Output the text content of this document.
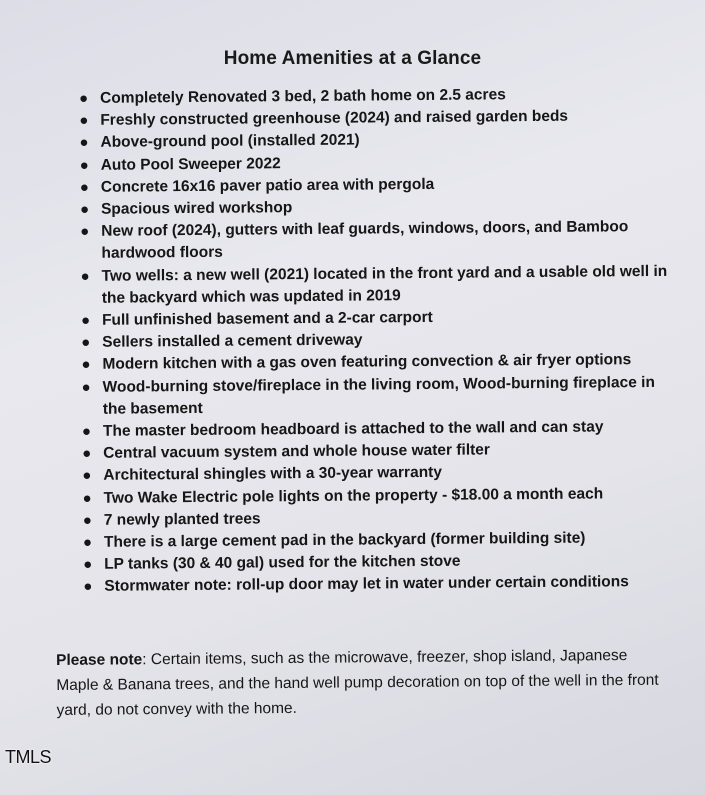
Home Amenities at a Glance
● Completely Renovated 3 bed, 2 bath home on 2.5 acres
● Freshly constructed greenhouse (2024) and raised garden beds
● Above-ground pool (installed 2021)
● Auto Pool Sweeper 2022
● Concrete 16x16 paver patio area with pergola
● Spacious wired workshop
● New roof (2024), gutters with leaf guards, windows, doors, and Bamboo hardwood floors
● Two wells: a new well (2021) located in the front yard and a usable old well in the backyard which was updated in 2019
● Full unfinished basement and a 2-car carport
● Sellers installed a cement driveway
● Modern kitchen with a gas oven featuring convection & air fryer options
● Wood-burning stove/fireplace in the living room, Wood-burning fireplace in the basement
● The master bedroom headboard is attached to the wall and can stay
● Central vacuum system and whole house water filter
● Architectural shingles with a 30-year warranty
● Two Wake Electric pole lights on the property - $18.00 a month each
● 7 newly planted trees
● There is a large cement pad in the backyard (former building site)
● LP tanks (30 & 40 gal) used for the kitchen stove
● Stormwater note: roll-up door may let in water under certain conditions

Please note: Certain items, such as the microwave, freezer, shop island, Japanese Maple & Banana trees, and the hand well pump decoration on top of the well in the front yard, do not convey with the home.

TMLS
